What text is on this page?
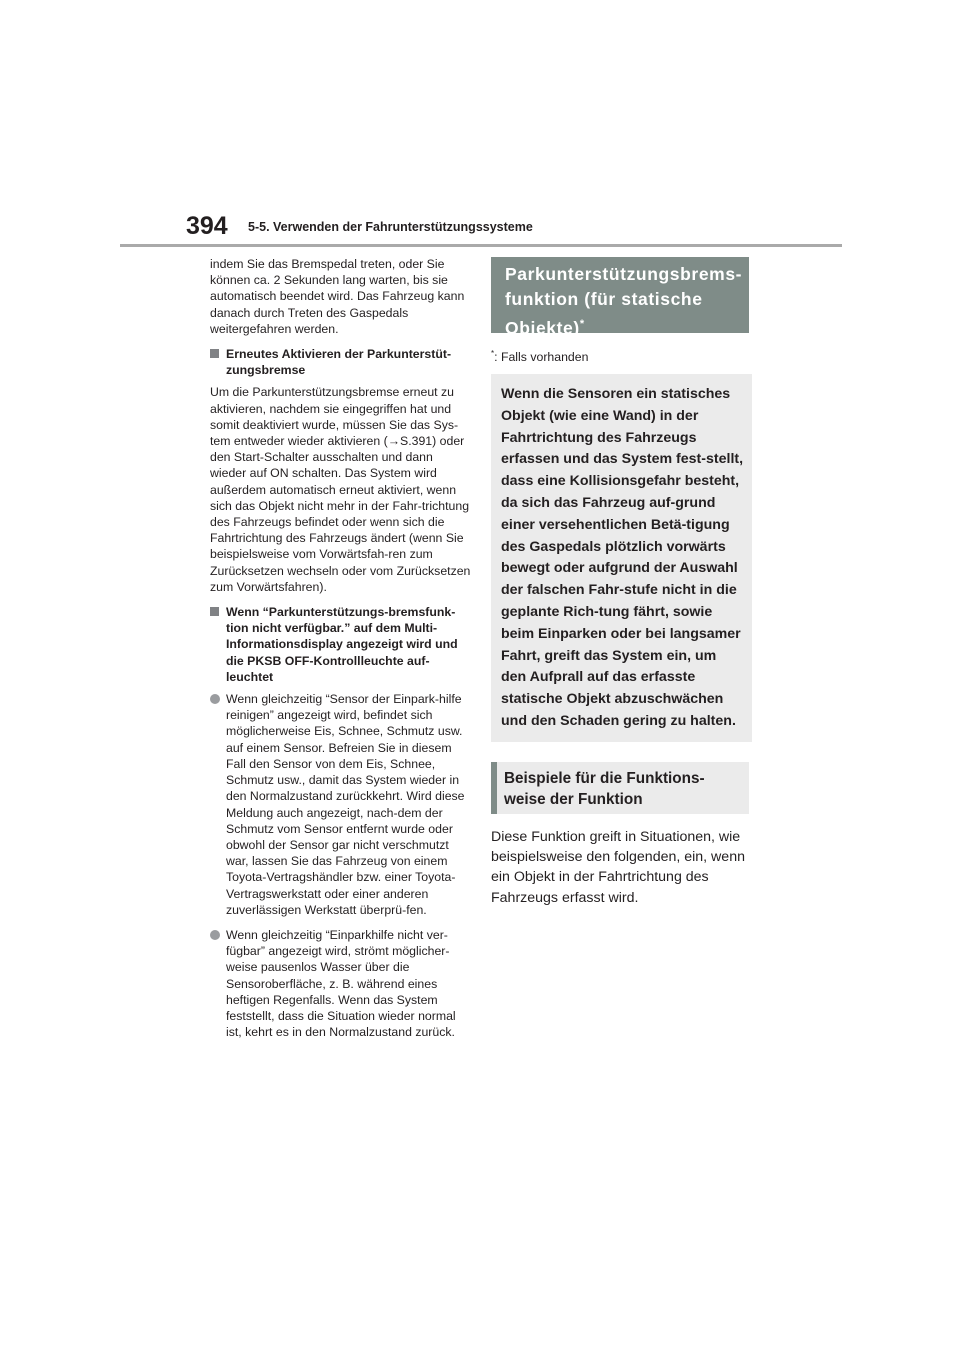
394 5-5. Verwenden der Fahrunterstützungssysteme

indem Sie das Bremspedal treten, oder Sie können ca. 2 Sekunden lang warten, bis sie automatisch beendet wird. Das Fahrzeug kann danach durch Treten des Gaspedals weitergefahren werden.

Erneutes Aktivieren der Parkunterstüt-zungsbremse

Um die Parkunterstützungsbremse erneut zu aktivieren, nachdem sie eingegriffen hat und somit deaktiviert wurde, müssen Sie das Sys-tem entweder wieder aktivieren (→S.391) oder den Start-Schalter ausschalten und dann wieder auf ON schalten. Das System wird außerdem automatisch erneut aktiviert, wenn sich das Objekt nicht mehr in der Fahr-trichtung des Fahrzeugs befindet oder wenn sich die Fahrtrichtung des Fahrzeugs ändert (wenn Sie beispielsweise vom Vorwärtsfah-ren zum Zurücksetzen wechseln oder vom Zurücksetzen zum Vorwärtsfahren).

Wenn “Parkunterstützungs-bremsfunk-tion nicht verfügbar.” auf dem Multi-Informationsdisplay angezeigt wird und die PKSB OFF-Kontrollleuchte auf-leuchtet
Wenn gleichzeitig “Sensor der Einpark-hilfe reinigen” angezeigt wird, befindet sich möglicherweise Eis, Schnee, Schmutz usw. auf einem Sensor. Befreien Sie in diesem Fall den Sensor von dem Eis, Schnee, Schmutz usw., damit das System wieder in den Normalzustand zurückkehrt. Wird diese Meldung auch angezeigt, nach-dem der Schmutz vom Sensor entfernt wurde oder obwohl der Sensor gar nicht verschmutzt war, lassen Sie das Fahrzeug von einem Toyota-Vertragshändler bzw. einer Toyota-Vertragswerkstatt oder einer anderen zuverlässigen Werkstatt überprü-fen.
Wenn gleichzeitig “Einparkhilfe nicht ver-fügbar” angezeigt wird, strömt möglicher-weise pausenlos Wasser über die Sensoroberfläche, z. B. während eines heftigen Regenfalls. Wenn das System feststellt, dass die Situation wieder normal ist, kehrt es in den Normalzustand zurück.
Parkunterstützungsbrems-
funktion (für statische
Objekte)*

*: Falls vorhanden

Wenn die Sensoren ein statisches Objekt (wie eine Wand) in der Fahrtrichtung des Fahrzeugs erfassen und das System fest-stellt, dass eine Kollisionsgefahr besteht, da sich das Fahrzeug auf-grund einer versehentlichen Betä-tigung des Gaspedals plötzlich vorwärts bewegt oder aufgrund der Auswahl der falschen Fahr-stufe nicht in die geplante Rich-tung fährt, sowie beim Einparken oder bei langsamer Fahrt, greift das System ein, um den Aufprall auf das erfasste statische Objekt abzuschwächen und den Schaden gering zu halten.
Beispiele für die Funktions-weise der Funktion

Diese Funktion greift in Situationen, wie beispielsweise den folgenden, ein, wenn ein Objekt in der Fahrtrichtung des Fahrzeugs erfasst wird.
